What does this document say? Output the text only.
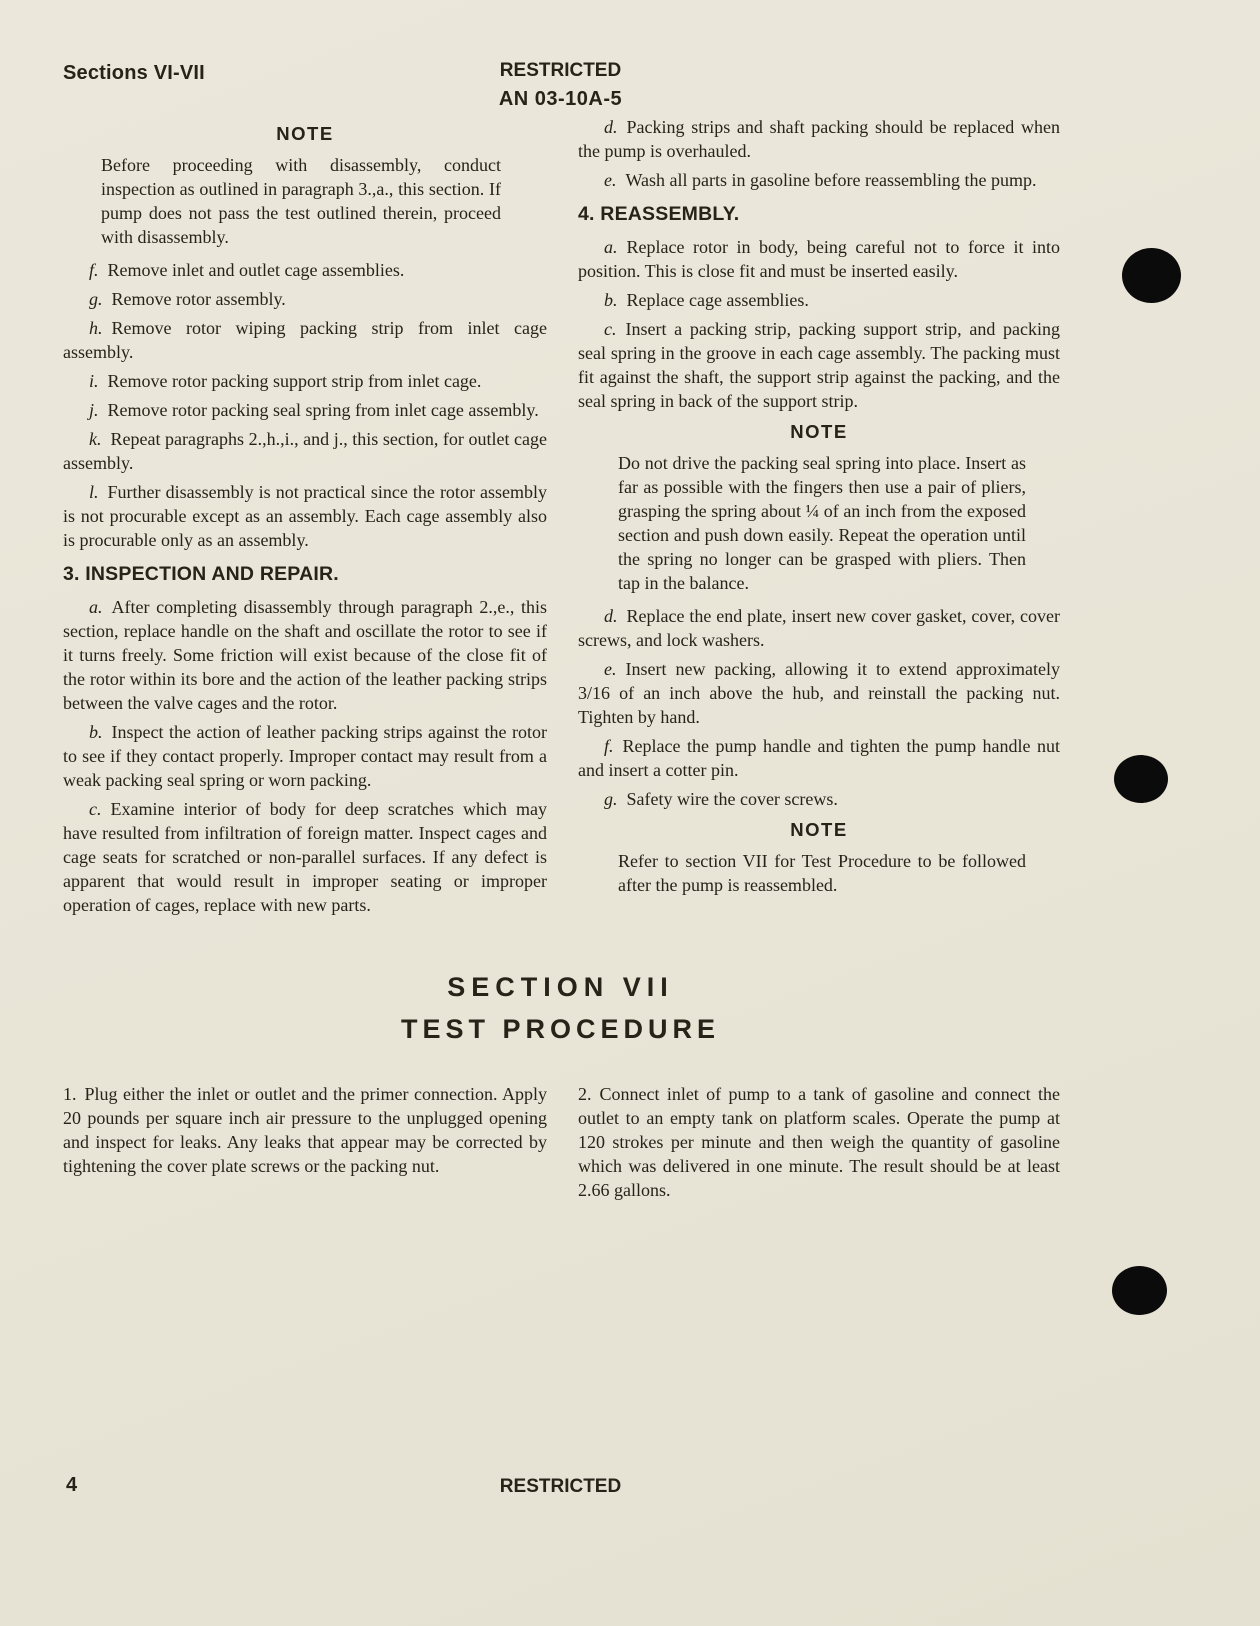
Sections VI-VII	RESTRICTED
AN 03-10A-5
NOTE

Before proceeding with disassembly, conduct inspection as outlined in paragraph 3.,a., this section. If pump does not pass the test outlined therein, proceed with disassembly.

f. Remove inlet and outlet cage assemblies.

g. Remove rotor assembly.

h. Remove rotor wiping packing strip from inlet cage assembly.

i. Remove rotor packing support strip from inlet cage.

j. Remove rotor packing seal spring from inlet cage assembly.

k. Repeat paragraphs 2.,h.,i., and j., this section, for outlet cage assembly.

l. Further disassembly is not practical since the rotor assembly is not procurable except as an assembly. Each cage assembly also is procurable only as an assembly.

3. INSPECTION AND REPAIR.

a. After completing disassembly through paragraph 2.,e., this section, replace handle on the shaft and oscillate the rotor to see if it turns freely. Some friction will exist because of the close fit of the rotor within its bore and the action of the leather packing strips between the valve cages and the rotor.

b. Inspect the action of leather packing strips against the rotor to see if they contact properly. Improper contact may result from a weak packing seal spring or worn packing.

c. Examine interior of body for deep scratches which may have resulted from infiltration of foreign matter. Inspect cages and cage seats for scratched or non-parallel surfaces. If any defect is apparent that would result in improper seating or improper operation of cages, replace with new parts.

d. Packing strips and shaft packing should be replaced when the pump is overhauled.

e. Wash all parts in gasoline before reassembling the pump.

4. REASSEMBLY.

a. Replace rotor in body, being careful not to force it into position. This is close fit and must be inserted easily.

b. Replace cage assemblies.

c. Insert a packing strip, packing support strip, and packing seal spring in the groove in each cage assembly. The packing must fit against the shaft, the support strip against the packing, and the seal spring in back of the support strip.

NOTE

Do not drive the packing seal spring into place. Insert as far as possible with the fingers then use a pair of pliers, grasping the spring about ¼ of an inch from the exposed section and push down easily. Repeat the operation until the spring no longer can be grasped with pliers. Then tap in the balance.

d. Replace the end plate, insert new cover gasket, cover, cover screws, and lock washers.

e. Insert new packing, allowing it to extend approximately 3/16 of an inch above the hub, and reinstall the packing nut. Tighten by hand.

f. Replace the pump handle and tighten the pump handle nut and insert a cotter pin.

g. Safety wire the cover screws.

NOTE

Refer to section VII for Test Procedure to be followed after the pump is reassembled.

SECTION VII
TEST PROCEDURE

1. Plug either the inlet or outlet and the primer connection. Apply 20 pounds per square inch air pressure to the unplugged opening and inspect for leaks. Any leaks that appear may be corrected by tightening the cover plate screws or the packing nut.

2. Connect inlet of pump to a tank of gasoline and connect the outlet to an empty tank on platform scales. Operate the pump at 120 strokes per minute and then weigh the quantity of gasoline which was delivered in one minute. The result should be at least 2.66 gallons.

4	RESTRICTED
